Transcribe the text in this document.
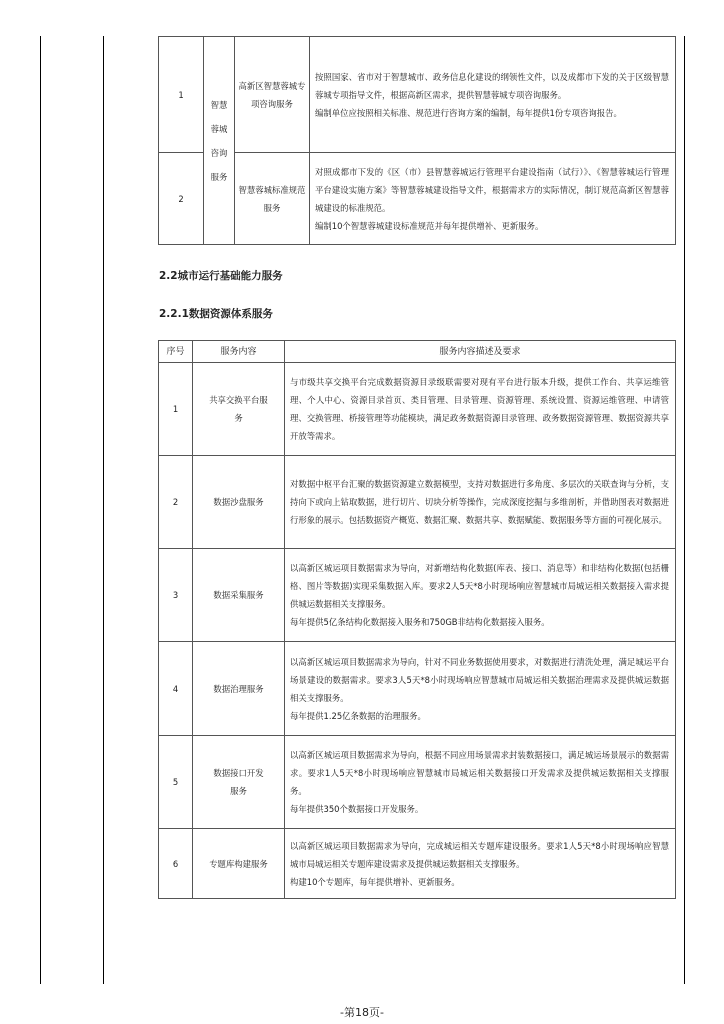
1	智慧蓉城咨询服务	高新区智慧蓉城专项咨询服务	按照国家、省市对于智慧城市、政务信息化建设的纲领性文件，以及成都市下发的关于区级智慧蓉城专项指导文件，根据高新区需求，提供智慧蓉城专项咨询服务。

编制单位应按照相关标准、规范进行咨询方案的编制，每年提供1份专项咨询报告。

2		智慧蓉城标准规范服务	对照成都市下发的《区（市）县智慧蓉城运行管理平台建设指南（试行）》、《智慧蓉城运行管理平台建设实施方案》等智慧蓉城建设指导文件，根据需求方的实际情况，制订规范高新区智慧蓉城建设的标准规范。

编制10个智慧蓉城建设标准规范并每年提供增补、更新服务。

2.2城市运行基础能力服务
2.2.1数据资源体系服务
序号	服务内容	服务内容描述及要求
1	共享交换平台服务	与市级共享交换平台完成数据资源目录级联需要对现有平台进行版本升级，提供工作台、共享运维管理、个人中心、资源目录首页、类目管理、目录管理、资源管理、系统设置、资源运维管理、申请管理、交换管理、桥接管理等功能模块，满足政务数据资源目录管理、政务数据资源管理、数据资源共享开放等需求。

2	数据沙盘服务	对数据中枢平台汇聚的数据资源建立数据模型，支持对数据进行多角度、多层次的关联查询与分析，支持向下或向上钻取数据，进行切片、切块分析等操作，完成深度挖掘与多维剖析，并借助图表对数据进行形象的展示。包括数据资产概览、数据汇聚、数据共享、数据赋能、数据服务等方面的可视化展示。

3	数据采集服务	以高新区城运项目数据需求为导向，对新增结构化数据(库表、接口、消息等）和非结构化数据(包括栅格、图片等数据)实现采集数据入库。要求2人5天*8小时现场响应智慧城市局城运相关数据接入需求提供城运数据相关支撑服务。

每年提供5亿条结构化数据接入服务和750GB非结构化数据接入服务。

4	数据治理服务	以高新区城运项目数据需求为导向，针对不同业务数据使用要求，对数据进行清洗处理，满足城运平台场景建设的数据需求。要求3人5天*8小时现场响应智慧城市局城运相关数据治理需求及提供城运数据相关支撑服务。

每年提供1.25亿条数据的治理服务。

5	数据接口开发服务	以高新区城运项目数据需求为导向，根据不同应用场景需求封装数据接口，满足城运场景展示的数据需求。要求1人5天*8小时现场响应智慧城市局城运相关数据接口开发需求及提供城运数据相关支撑服务。

每年提供350个数据接口开发服务。

6	专题库构建服务	以高新区城运项目数据需求为导向，完成城运相关专题库建设服务。要求1人5天*8小时现场响应智慧城市局城运相关专题库建设需求及提供城运数据相关支撑服务。

构建10个专题库，每年提供增补、更新服务。

-第18页-
